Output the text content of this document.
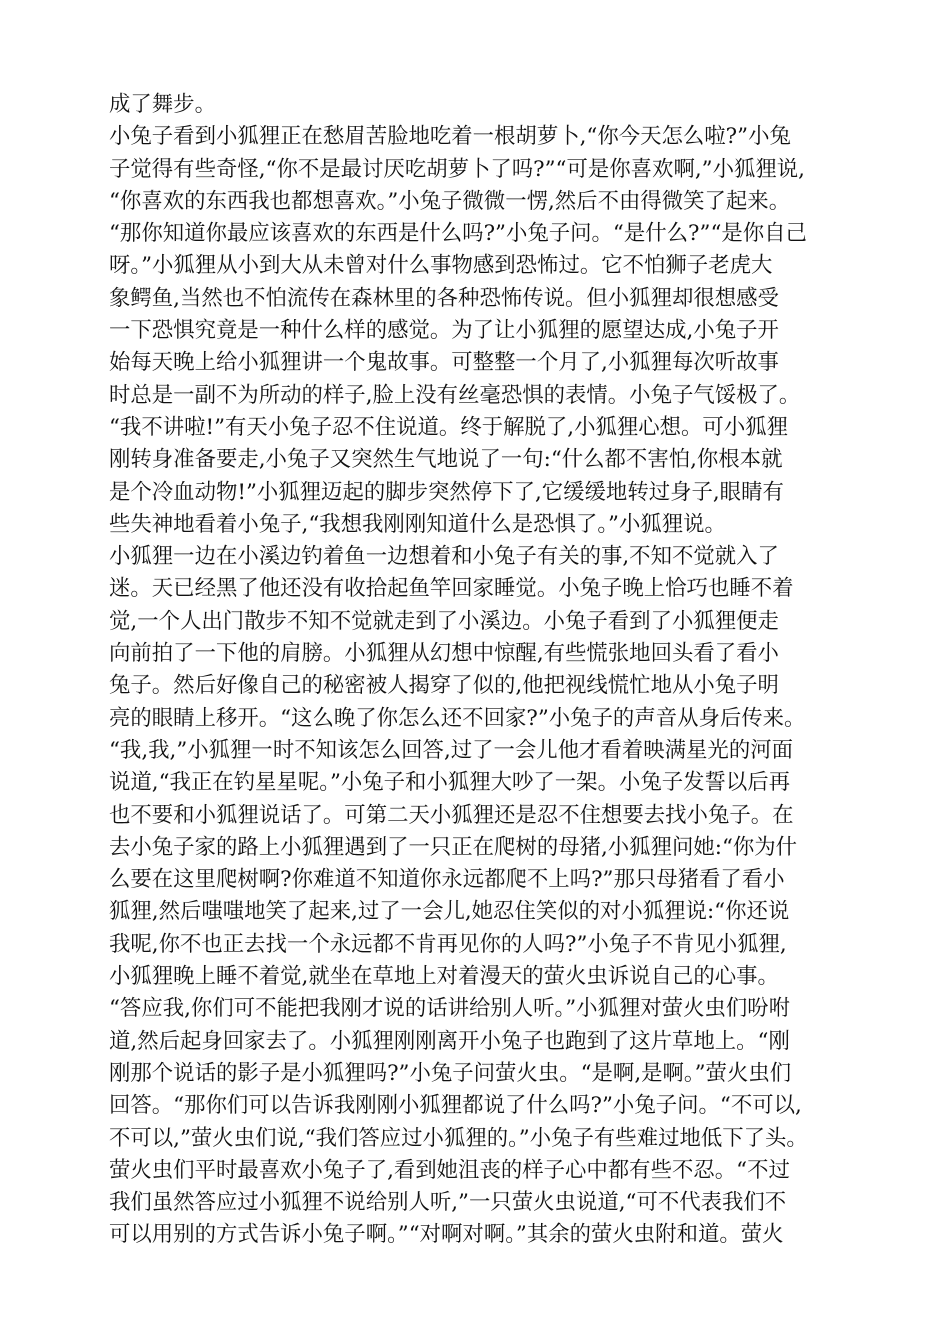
成了舞步。
小兔子看到小狐狸正在愁眉苦脸地吃着一根胡萝卜,“你今天怎么啦?”小兔
子觉得有些奇怪,“你不是最讨厌吃胡萝卜了吗?”“可是你喜欢啊,”小狐狸说,
“你喜欢的东西我也都想喜欢。”小兔子微微一愣,然后不由得微笑了起来。
“那你知道你最应该喜欢的东西是什么吗?”小兔子问。“是什么?”“是你自己
呀。”小狐狸从小到大从未曾对什么事物感到恐怖过。它不怕狮子老虎大
象鳄鱼,当然也不怕流传在森林里的各种恐怖传说。但小狐狸却很想感受
一下恐惧究竟是一种什么样的感觉。为了让小狐狸的愿望达成,小兔子开
始每天晚上给小狐狸讲一个鬼故事。可整整一个月了,小狐狸每次听故事
时总是一副不为所动的样子,脸上没有丝毫恐惧的表情。小兔子气馁极了。
“我不讲啦!”有天小兔子忍不住说道。终于解脱了,小狐狸心想。可小狐狸
刚转身准备要走,小兔子又突然生气地说了一句:“什么都不害怕,你根本就
是个冷血动物!”小狐狸迈起的脚步突然停下了,它缓缓地转过身子,眼睛有
些失神地看着小兔子,“我想我刚刚知道什么是恐惧了。”小狐狸说。
小狐狸一边在小溪边钓着鱼一边想着和小兔子有关的事,不知不觉就入了
迷。天已经黑了他还没有收拾起鱼竿回家睡觉。小兔子晚上恰巧也睡不着
觉,一个人出门散步不知不觉就走到了小溪边。小兔子看到了小狐狸便走
向前拍了一下他的肩膀。小狐狸从幻想中惊醒,有些慌张地回头看了看小
兔子。然后好像自己的秘密被人揭穿了似的,他把视线慌忙地从小兔子明
亮的眼睛上移开。“这么晚了你怎么还不回家?”小兔子的声音从身后传来。
“我,我,”小狐狸一时不知该怎么回答,过了一会儿他才看着映满星光的河面
说道,“我正在钓星星呢。”小兔子和小狐狸大吵了一架。小兔子发誓以后再
也不要和小狐狸说话了。可第二天小狐狸还是忍不住想要去找小兔子。在
去小兔子家的路上小狐狸遇到了一只正在爬树的母猪,小狐狸问她:“你为什
么要在这里爬树啊?你难道不知道你永远都爬不上吗?”那只母猪看了看小
狐狸,然后嗤嗤地笑了起来,过了一会儿,她忍住笑似的对小狐狸说:“你还说
我呢,你不也正去找一个永远都不肯再见你的人吗?”小兔子不肯见小狐狸,
小狐狸晚上睡不着觉,就坐在草地上对着漫天的萤火虫诉说自己的心事。
“答应我,你们可不能把我刚才说的话讲给别人听。”小狐狸对萤火虫们吩咐
道,然后起身回家去了。小狐狸刚刚离开小兔子也跑到了这片草地上。“刚
刚那个说话的影子是小狐狸吗?”小兔子问萤火虫。“是啊,是啊。”萤火虫们
回答。“那你们可以告诉我刚刚小狐狸都说了什么吗?”小兔子问。“不可以,
不可以,”萤火虫们说,“我们答应过小狐狸的。”小兔子有些难过地低下了头。
萤火虫们平时最喜欢小兔子了,看到她沮丧的样子心中都有些不忍。“不过
我们虽然答应过小狐狸不说给别人听,”一只萤火虫说道,“可不代表我们不
可以用别的方式告诉小兔子啊。”“对啊对啊。”其余的萤火虫附和道。萤火
